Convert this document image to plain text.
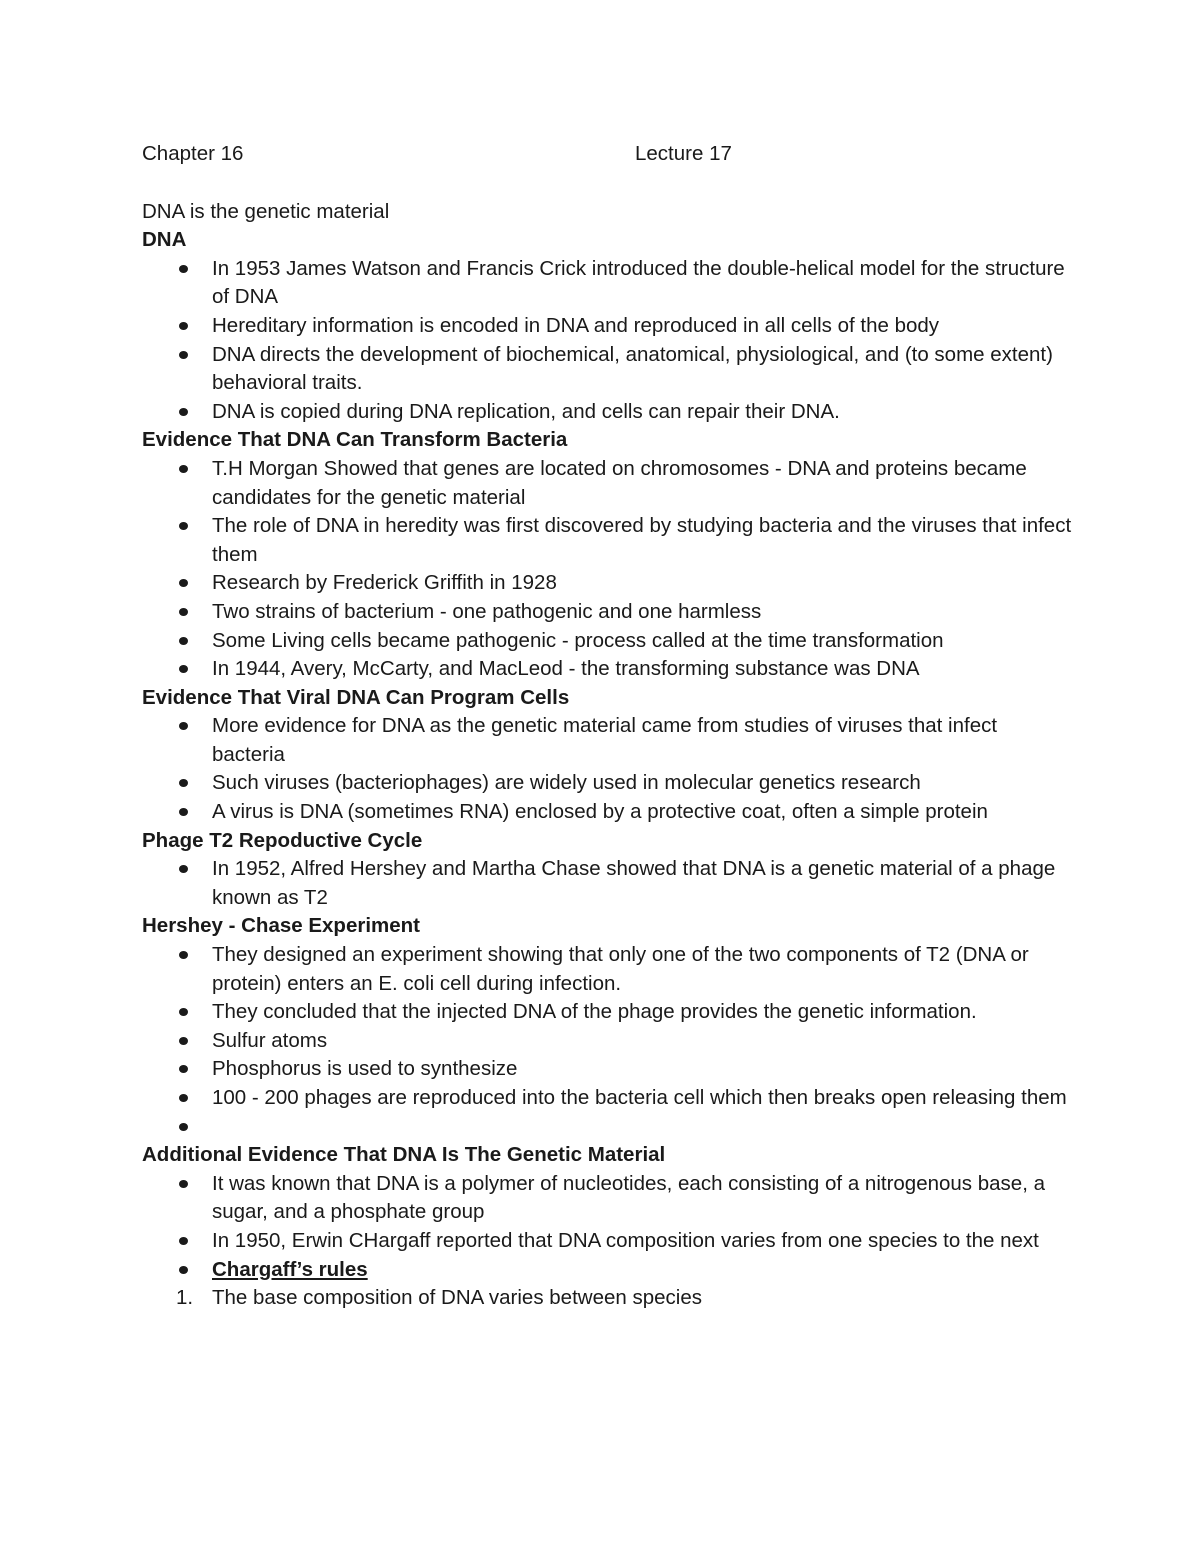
Chapter 16	Lecture 17
DNA is the genetic material
DNA
In 1953 James Watson and Francis Crick introduced the double-helical model for the structure of DNA
Hereditary information is encoded in DNA and reproduced in all cells of the body
DNA directs the development of biochemical, anatomical, physiological, and (to some extent) behavioral traits.
DNA is copied during DNA replication, and cells can repair their DNA.
Evidence That DNA Can Transform Bacteria
T.H Morgan Showed that genes are located on chromosomes - DNA and proteins became candidates for the genetic material
The role of DNA in heredity was first discovered by studying bacteria and the viruses that infect them
Research by Frederick Griffith in 1928
Two strains of bacterium - one pathogenic and one harmless
Some Living cells became pathogenic - process called at the time transformation
In 1944, Avery, McCarty, and MacLeod - the transforming substance was DNA
Evidence That Viral DNA Can Program Cells
More evidence for DNA as the genetic material came from studies of viruses that infect bacteria
Such viruses (bacteriophages) are widely used in molecular genetics research
A virus is DNA (sometimes RNA) enclosed by a protective coat, often a simple protein
Phage T2 Repoductive Cycle
In 1952, Alfred Hershey and Martha Chase showed that DNA is a genetic material of a phage known as T2
Hershey - Chase Experiment
They designed an experiment showing that only one of the two components of T2 (DNA or protein) enters an E. coli cell during infection.
They concluded that the injected DNA of the phage provides the genetic information.
Sulfur atoms
Phosphorus is used to synthesize
100 - 200 phages are reproduced into the bacteria cell which then breaks open releasing them
Additional Evidence That DNA Is The Genetic Material
It was known that DNA is a polymer of nucleotides, each consisting of a nitrogenous base, a sugar, and a phosphate group
In 1950, Erwin CHargaff reported that DNA composition varies from one species to the next
Chargaff’s rules
1. The base composition of DNA varies between species
